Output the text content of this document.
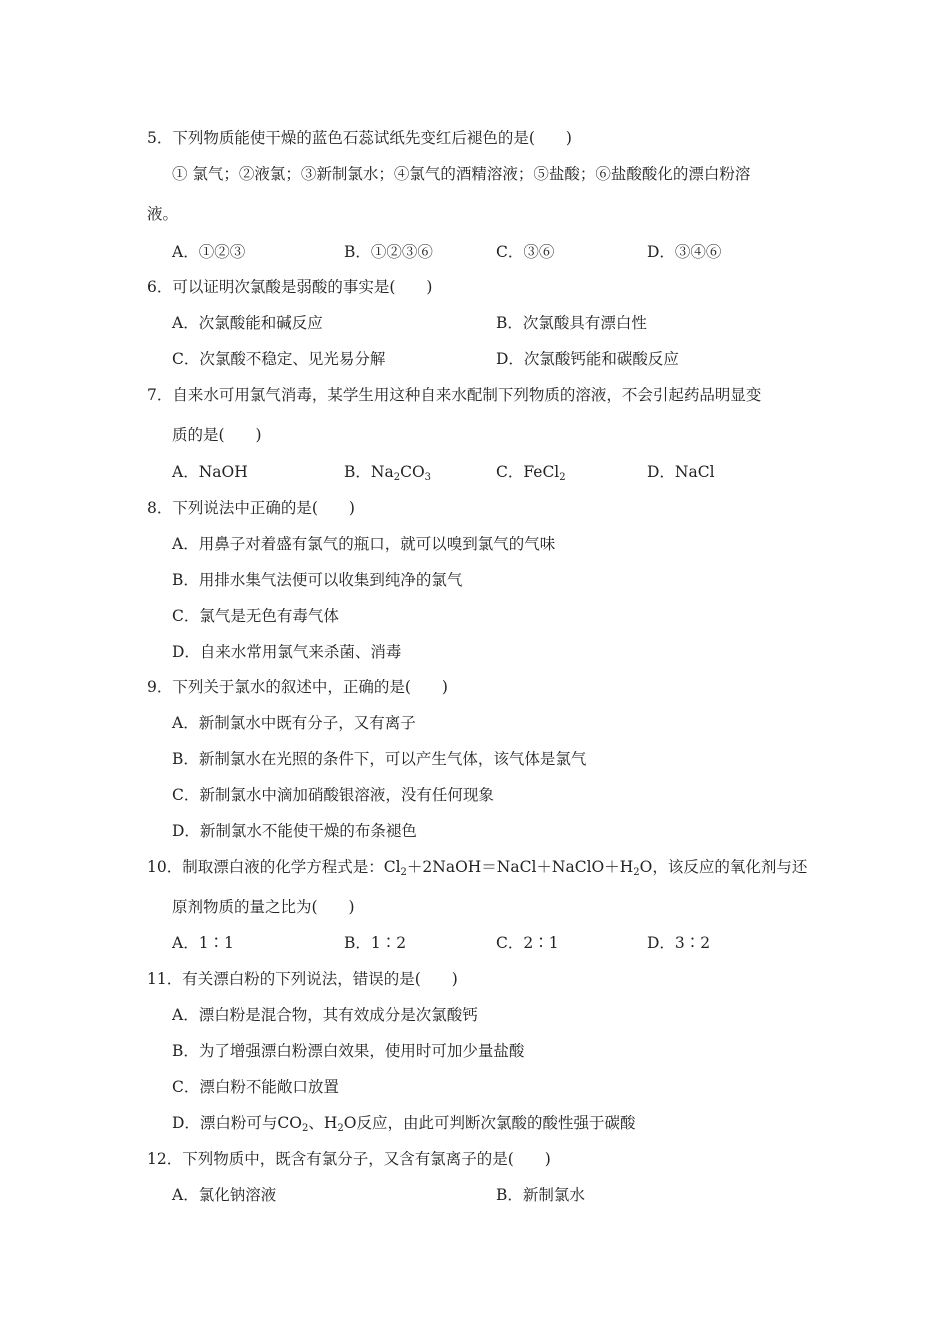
5．下列物质能使干燥的蓝色石蕊试纸先变红后褪色的是(　　)
① 氯气；②液氯；③新制氯水；④氯气的酒精溶液；⑤盐酸；⑥盐酸酸化的漂白粉溶
液。
A．①②③	B．①②③⑥	C．③⑥	D．③④⑥
6．可以证明次氯酸是弱酸的事实是(　　)
A．次氯酸能和碱反应	B．次氯酸具有漂白性
C．次氯酸不稳定、见光易分解	D．次氯酸钙能和碳酸反应
7．自来水可用氯气消毒，某学生用这种自来水配制下列物质的溶液，不会引起药品明显变
质的是(　　)
A．NaOH	B．$Na_2CO_3$	C．FeCl$_2$	D．NaCl
8．下列说法中正确的是(　　)
A．用鼻子对着盛有氯气的瓶口，就可以嗅到氯气的气味
B．用排水集气法便可以收集到纯净的氯气
C．氯气是无色有毒气体
D．自来水常用氯气来杀菌、消毒
9．下列关于氯水的叙述中，正确的是(　　)
A．新制氯水中既有分子，又有离子
B．新制氯水在光照的条件下，可以产生气体，该气体是氯气
C．新制氯水中滴加硝酸银溶液，没有任何现象
D．新制氯水不能使干燥的布条褪色
10．制取漂白液的化学方程式是：$Cl_2+2NaOH=NaCl+NaClO+H_2O$，该反应的氧化剂与还
原剂物质的量之比为(　　)
A．1∶1	B．1∶2	C．2∶1	D．3∶2
11．有关漂白粉的下列说法，错误的是(　　)
A．漂白粉是混合物，其有效成分是次氯酸钙
B．为了增强漂白粉漂白效果，使用时可加少量盐酸
C．漂白粉不能敞口放置
D．漂白粉可与$CO_2$、$H_2O$反应，由此可判断次氯酸的酸性强于碳酸
12．下列物质中，既含有氯分子，又含有氯离子的是(　　)
A．氯化钠溶液	B．新制氯水
